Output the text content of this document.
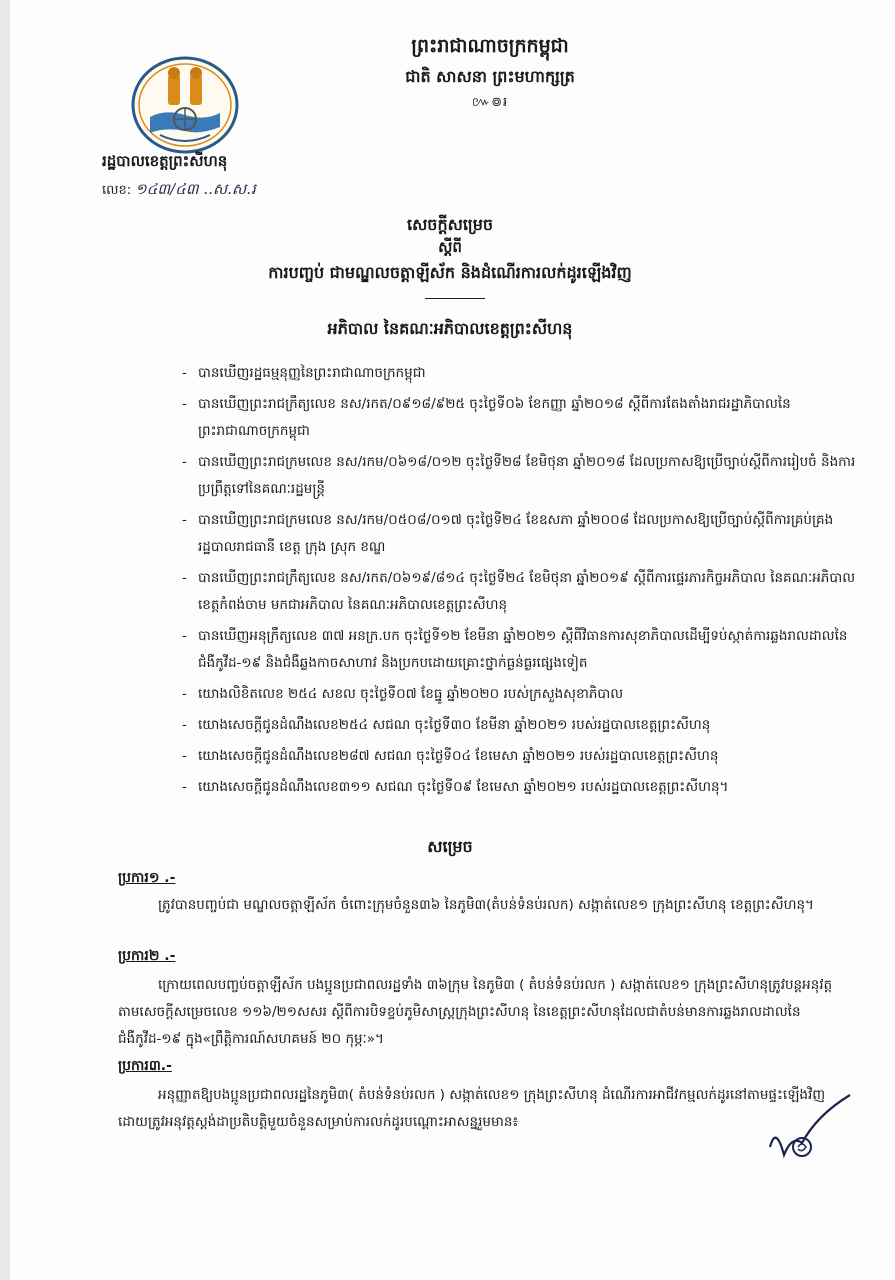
ព្រះរាជាណាចក្រកម្ពុជា
ជាតិ សាសនា ព្រះមហាក្សត្រ
៚៙៛
រដ្ឋបាលខេត្តព្រះសីហនុ
លេខ: ១៤៣/៤៣ ..ស.ស.រ
សេចក្តីសម្រេច
ស្តីពី
ការបញ្ចប់ ជាមណ្ឌលចត្តាឡីស័ក និងដំណើរការលក់ដូរឡើងវិញ
អភិបាល នៃគណៈអភិបាលខេត្តព្រះសីហនុ
- បានឃើញរដ្ឋធម្មនុញ្ញនៃព្រះរាជាណាចក្រកម្ពុជា
- បានឃើញព្រះរាជក្រឹត្យលេខ នស/រកត/០៩១៨/៩២៥ ចុះថ្ងៃទី០៦ ខែកញ្ញា ឆ្នាំ២០១៨ ស្តីពីការតែងតាំងរាជរដ្ឋាភិបាលនៃព្រះរាជាណាចក្រកម្ពុជា
- បានឃើញព្រះរាជក្រមលេខ នស/រកម/០៦១៨/០១២ ចុះថ្ងៃទី២៨ ខែមិថុនា ឆ្នាំ២០១៨ ដែលប្រកាសឱ្យប្រើច្បាប់ស្តីពីការរៀបចំ និងការប្រព្រឹត្តទៅនៃគណៈរដ្ឋមន្ត្រី
- បានឃើញព្រះរាជក្រមលេខ នស/រកម/០៥០៨/០១៧ ចុះថ្ងៃទី២៤ ខែឧសភា ឆ្នាំ២០០៨ ដែលប្រកាសឱ្យប្រើច្បាប់ស្តីពីការគ្រប់គ្រងរដ្ឋបាលរាជធានី ខេត្ត ក្រុង ស្រុក ខណ្ឌ
- បានឃើញព្រះរាជក្រឹត្យលេខ នស/រកត/០៦១៩/៨១៤ ចុះថ្ងៃទី២៤ ខែមិថុនា ឆ្នាំ២០១៩ ស្តីពីការផ្ទេរភារកិច្ចអភិបាល នៃគណៈអភិបាលខេត្តកំពង់ចាម មកជាអភិបាល នៃគណៈអភិបាលខេត្តព្រះសីហនុ
- បានឃើញអនុក្រឹត្យលេខ ៣៧ អនក្រ.បក ចុះថ្ងៃទី១២ ខែមីនា ឆ្នាំ២០២១ ស្តីពីវិធានការសុខាភិបាលដើម្បីទប់ស្កាត់ការឆ្លងរាលដាលនៃជំងឺកូវីដ-១៩ និងជំងឺឆ្លងកាចសាហាវ និងប្រកបដោយគ្រោះថ្នាក់ធ្ងន់ធ្ងរផ្សេងទៀត
- យោងលិខិតលេខ ២៥៤ សខល ចុះថ្ងៃទី០៧ ខែធ្នូ ឆ្នាំ២០២០ របស់ក្រសួងសុខាភិបាល
- យោងសេចក្តីជូនដំណឹងលេខ២៥៤ សជណ ចុះថ្ងៃទី៣០ ខែមីនា ឆ្នាំ២០២១ របស់រដ្ឋបាលខេត្តព្រះសីហនុ
- យោងសេចក្តីជូនដំណឹងលេខ២៨៧ សជណ ចុះថ្ងៃទី០៤ ខែមេសា ឆ្នាំ២០២១ របស់រដ្ឋបាលខេត្តព្រះសីហនុ
- យោងសេចក្តីជូនដំណឹងលេខ៣១១ សជណ ចុះថ្ងៃទី០៩ ខែមេសា ឆ្នាំ២០២១ របស់រដ្ឋបាលខេត្តព្រះសីហនុ។
សម្រេច
ប្រការ១ .-
ត្រូវបានបញ្ចប់ជា មណ្ឌលចត្តាឡីស័ក ចំពោះក្រុមចំនួន៣៦ នៃភូមិ៣(តំបន់ទំនប់រលក) សង្កាត់លេខ១ ក្រុងព្រះសីហនុ ខេត្តព្រះសីហនុ។
ប្រការ២ .-
ក្រោយពេលបញ្ចប់ចត្តាឡីស័ក បងប្អូនប្រជាពលរដ្ឋទាំង ៣៦ក្រុម នៃភូមិ៣ ( តំបន់ទំនប់រលក ) សង្កាត់លេខ១ ក្រុងព្រះសីហនុត្រូវបន្តអនុវត្តតាមសេចក្តីសម្រេចលេខ ១១៦/២១សសរ ស្តីពីការបិទខ្ទប់ភូមិសាស្ត្រក្រុងព្រះសីហនុ នៃខេត្តព្រះសីហនុដែលជាតំបន់មានការឆ្លងរាលដាលនៃជំងឺកូវីដ-១៩ ក្នុង«ព្រឹត្តិការណ៍សហគមន៍ ២០ កុម្ភៈ»។
ប្រការ៣.-
អនុញ្ញាតឱ្យបងប្អូនប្រជាពលរដ្ឋនៃភូមិ៣( តំបន់ទំនប់រលក ) សង្កាត់លេខ១ ក្រុងព្រះសីហនុ ដំណើរការអាជីវកម្មលក់ដូរនៅតាមផ្ទះឡើងវិញ ដោយត្រូវអនុវត្តស្តង់ដាប្រតិបត្តិមួយចំនួនសម្រាប់ការលក់ដូរបណ្តោះអាសន្នរួមមាន៖
